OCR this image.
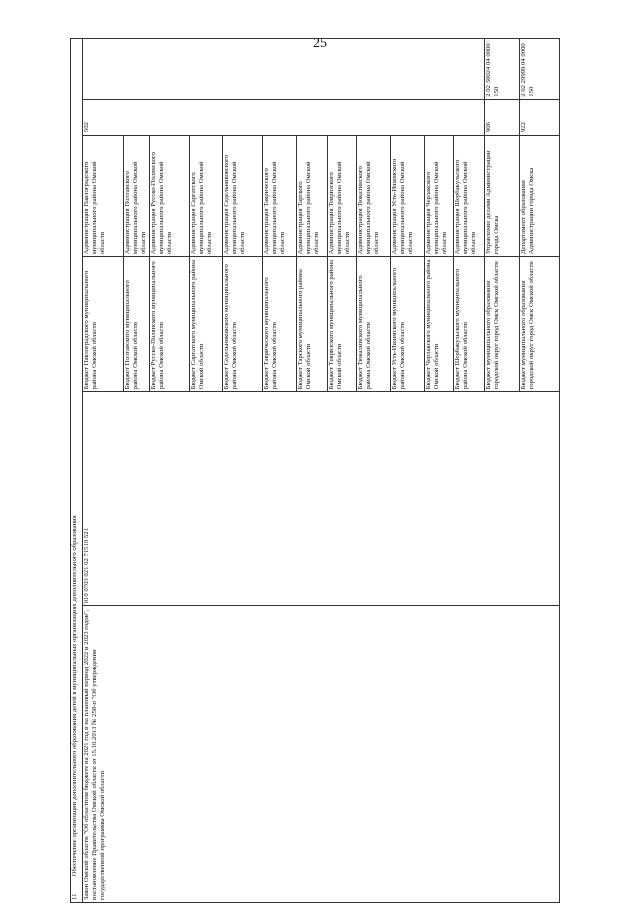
25
11 Обеспечение организации дополнительного образования детей в муниципальных организациях дополнительного образования					

Закон Омской области "Об областном бюджете на 2021 год и на плановый период 2022 и 2023 годов", постановление Правительства Омской области от 15.10.2013 № 258-п "Об утверждении государственной программы Омской области	010 0703 021 02 71510 521	Бюджет Павлоградского муниципального района Омской области	Администрация Павлоградского муниципального района Омской области	502	

		Бюджет Полтавского муниципального района Омской области	Администрация Полтавского муниципального района Омской области		

		Бюджет Русско-Полянского муниципального района Омской области	Администрация Русско-Полянского муниципального района Омской области		

		Бюджет Саргатского муниципального района Омской области	Администрация Саргатского муниципального района Омской области		

		Бюджет Седельниковского муниципального района Омской области	Администрация Седельниковского муниципального района Омской области		

		Бюджет Таврического муниципального района Омской области	Администрация Таврического муниципального района Омской области		

		Бюджет Тарского муниципального района Омской области	Администрация Тарского муниципального района Омской области		

		Бюджет Тевризского муниципального района Омской области	Администрация Тевризского муниципального района Омской области		

		Бюджет Тюкалинского муниципального района Омской области	Администрация Тюкалинского муниципального района Омской области		

		Бюджет Усть-Ишимского муниципального района Омской области	Администрация Усть-Ишимского муниципального района Омской области		

		Бюджет Черлакского муниципального района Омской области	Администрация Черлакского муниципального района Омской области		

		Бюджет Шербакульского муниципального района Омской области	Администрация Шербакульского муниципального района Омской области		

		Бюджет муниципального образования городской округ город Омск Омской области	Управление делами Администрации города Омска	906	2 02 30024 04 0000 150

		Бюджет муниципального образования городской округ город Омск Омской области	Департамент образования Администрации города Омска	922	2 02 29999 04 0000 150
